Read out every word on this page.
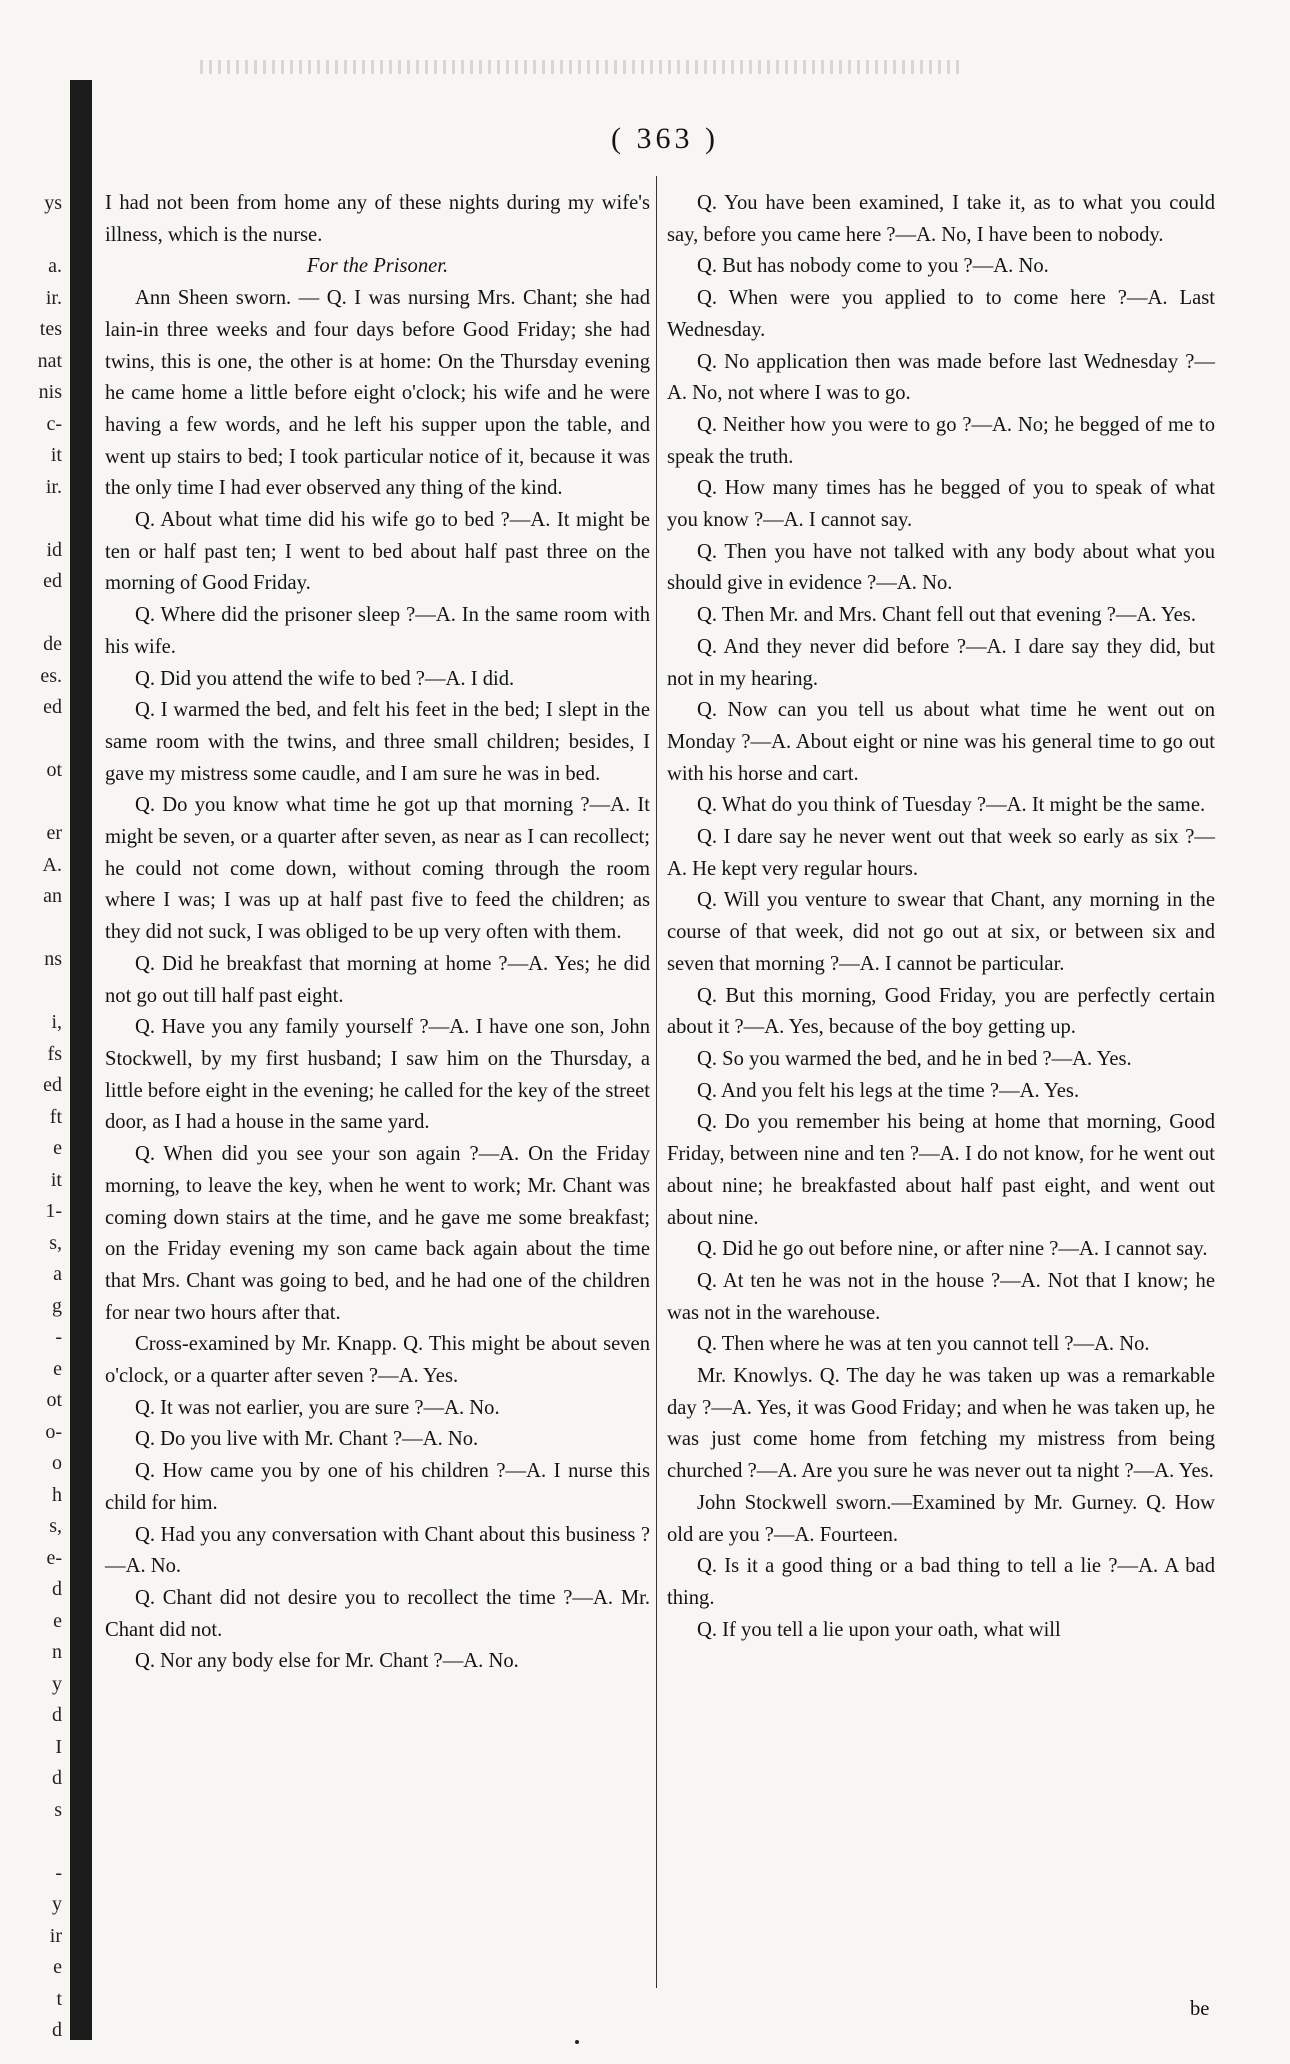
ys
a.
ir.
tes
nat
nis
c-
it
ir.
id
ed
de
es.
ed
ot
er
A.
an
ns
i,
fs
ed
ft
e
it
1-
s,
a
g
-
e
ot
o-
o
h
s,
e-
d
e
n
y
d
I
d
s
-
y
ir
e
t
d
( 363 )

I had not been from home any of these nights during my wife's illness, which is the nurse.

For the Prisoner.

Ann Sheen sworn. — Q. I was nursing Mrs. Chant; she had lain-in three weeks and four days before Good Friday; she had twins, this is one, the other is at home: On the Thursday evening he came home a little before eight o'clock; his wife and he were having a few words, and he left his supper upon the table, and went up stairs to bed; I took particular notice of it, because it was the only time I had ever observed any thing of the kind.

Q. About what time did his wife go to bed ?—A. It might be ten or half past ten; I went to bed about half past three on the morning of Good Friday.

Q. Where did the prisoner sleep ?—A. In the same room with his wife.

Q. Did you attend the wife to bed ?—A. I did.

Q. I warmed the bed, and felt his feet in the bed; I slept in the same room with the twins, and three small children; besides, I gave my mistress some caudle, and I am sure he was in bed.

Q. Do you know what time he got up that morning ?—A. It might be seven, or a quarter after seven, as near as I can recollect; he could not come down, without coming through the room where I was; I was up at half past five to feed the children; as they did not suck, I was obliged to be up very often with them.

Q. Did he breakfast that morning at home ?—A. Yes; he did not go out till half past eight.

Q. Have you any family yourself ?—A. I have one son, John Stockwell, by my first husband; I saw him on the Thursday, a little before eight in the evening; he called for the key of the street door, as I had a house in the same yard.

Q. When did you see your son again ?—A. On the Friday morning, to leave the key, when he went to work; Mr. Chant was coming down stairs at the time, and he gave me some breakfast; on the Friday evening my son came back again about the time that Mrs. Chant was going to bed, and he had one of the children for near two hours after that.

Cross-examined by Mr. Knapp. Q. This might be about seven o'clock, or a quarter after seven ?—A. Yes.

Q. It was not earlier, you are sure ?—A. No.

Q. Do you live with Mr. Chant ?—A. No.

Q. How came you by one of his children ?—A. I nurse this child for him.

Q. Had you any conversation with Chant about this business ?—A. No.

Q. Chant did not desire you to recollect the time ?—A. Mr. Chant did not.

Q. Nor any body else for Mr. Chant ?—A. No.

Q. You have been examined, I take it, as to what you could say, before you came here ?—A. No, I have been to nobody.

Q. But has nobody come to you ?—A. No.

Q. When were you applied to to come here ?—A. Last Wednesday.

Q. No application then was made before last Wednesday ?—A. No, not where I was to go.

Q. Neither how you were to go ?—A. No; he begged of me to speak the truth.

Q. How many times has he begged of you to speak of what you know ?—A. I cannot say.

Q. Then you have not talked with any body about what you should give in evidence ?—A. No.

Q. Then Mr. and Mrs. Chant fell out that evening ?—A. Yes.

Q. And they never did before ?—A. I dare say they did, but not in my hearing.

Q. Now can you tell us about what time he went out on Monday ?—A. About eight or nine was his general time to go out with his horse and cart.

Q. What do you think of Tuesday ?—A. It might be the same.

Q. I dare say he never went out that week so early as six ?—A. He kept very regular hours.

Q. Will you venture to swear that Chant, any morning in the course of that week, did not go out at six, or between six and seven that morning ?—A. I cannot be particular.

Q. But this morning, Good Friday, you are perfectly certain about it ?—A. Yes, because of the boy getting up.

Q. So you warmed the bed, and he in bed ?—A. Yes.

Q. And you felt his legs at the time ?—A. Yes.

Q. Do you remember his being at home that morning, Good Friday, between nine and ten ?—A. I do not know, for he went out about nine; he breakfasted about half past eight, and went out about nine.

Q. Did he go out before nine, or after nine ?—A. I cannot say.

Q. At ten he was not in the house ?—A. Not that I know; he was not in the warehouse.

Q. Then where he was at ten you cannot tell ?—A. No.

Mr. Knowlys. Q. The day he was taken up was a remarkable day ?—A. Yes, it was Good Friday; and when he was taken up, he was just come home from fetching my mistress from being churched ?—A. Are you sure he was never out ta night ?—A. Yes.

John Stockwell sworn.—Examined by Mr. Gurney. Q. How old are you ?—A. Fourteen.

Q. Is it a good thing or a bad thing to tell a lie ?—A. A bad thing.

Q. If you tell a lie upon your oath, what will

be
